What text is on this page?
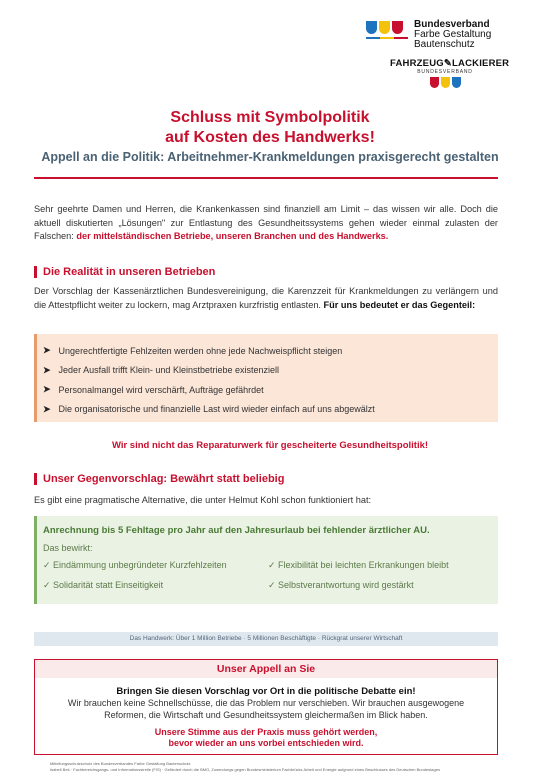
Bundesverband
Farbe Gestaltung
Bautenschutz
FAHRZEUG✎LACKIERER
BUNDESVERBAND
Schluss mit Symbolpolitik
auf Kosten des Handwerks!
Appell an die Politik: Arbeitnehmer-Krankmeldungen praxisgerecht gestalten
Sehr geehrte Damen und Herren, die Krankenkassen sind finanziell am Limit – das wissen wir alle. Doch die aktuell diskutierten „Lösungen" zur Entlastung des Gesundheitssystems gehen wieder einmal zulasten der Falschen: der mittelständischen Betriebe, unseren Branchen und des Handwerks.
Die Realität in unseren Betrieben
Der Vorschlag der Kassenärztlichen Bundesvereinigung, die Karenzzeit für Krankmeldungen zu verlängern und die Attestpflicht weiter zu lockern, mag Arztpraxen kurzfristig entlasten. Für uns bedeutet er das Gegenteil:
➤ Ungerechtfertigte Fehlzeiten werden ohne jede Nachweispflicht steigen
➤ Jeder Ausfall trifft Klein- und Kleinstbetriebe existenziell
➤ Personalmangel wird verschärft, Aufträge gefährdet
➤ Die organisatorische und finanzielle Last wird wieder einfach auf uns abgewälzt
Wir sind nicht das Reparaturwerk für gescheiterte Gesundheitspolitik!
Unser Gegenvorschlag: Bewährt statt beliebig
Es gibt eine pragmatische Alternative, die unter Helmut Kohl schon funktioniert hat:
Anrechnung bis 5 Fehltage pro Jahr auf den Jahresurlaub bei fehlender ärztlicher AU.
Das bewirkt:
✓ Eindämmung unbegründeter Kurzfehlzeiten	✓ Flexibilität bei leichten Erkrankungen bleibt
✓ Solidarität statt Einseitigkeit	✓ Selbstverantwortung wird gestärkt
Das Handwerk: Über 1 Million Betriebe · 5 Millionen Beschäftigte · Rückgrat unserer Wirtschaft
Unser Appell an Sie
Bringen Sie diesen Vorschlag vor Ort in die politische Debatte ein!
Wir brauchen keine Schnellschüsse, die das Problem nur verschieben. Wir brauchen ausgewogene Reformen, die Wirtschaft und Gesundheitssystem gleichermaßen im Blick haben.
Unsere Stimme aus der Praxis muss gehört werden,
bevor wieder an uns vorbei entschieden wird.
Mitteilungsschutzschutz des Bundesverbandes Farbe Gestaltung Bautenschutz
Isabell Bek · Fachbereichsgangs- und Informationsstrelle (FIS) · Gefördert durch die BMG, Zusendungs gegen Bundesministerium Fachbrücks Arbeit und Energie aufgrund eines Beschlusses des Deutschen Bundestages
